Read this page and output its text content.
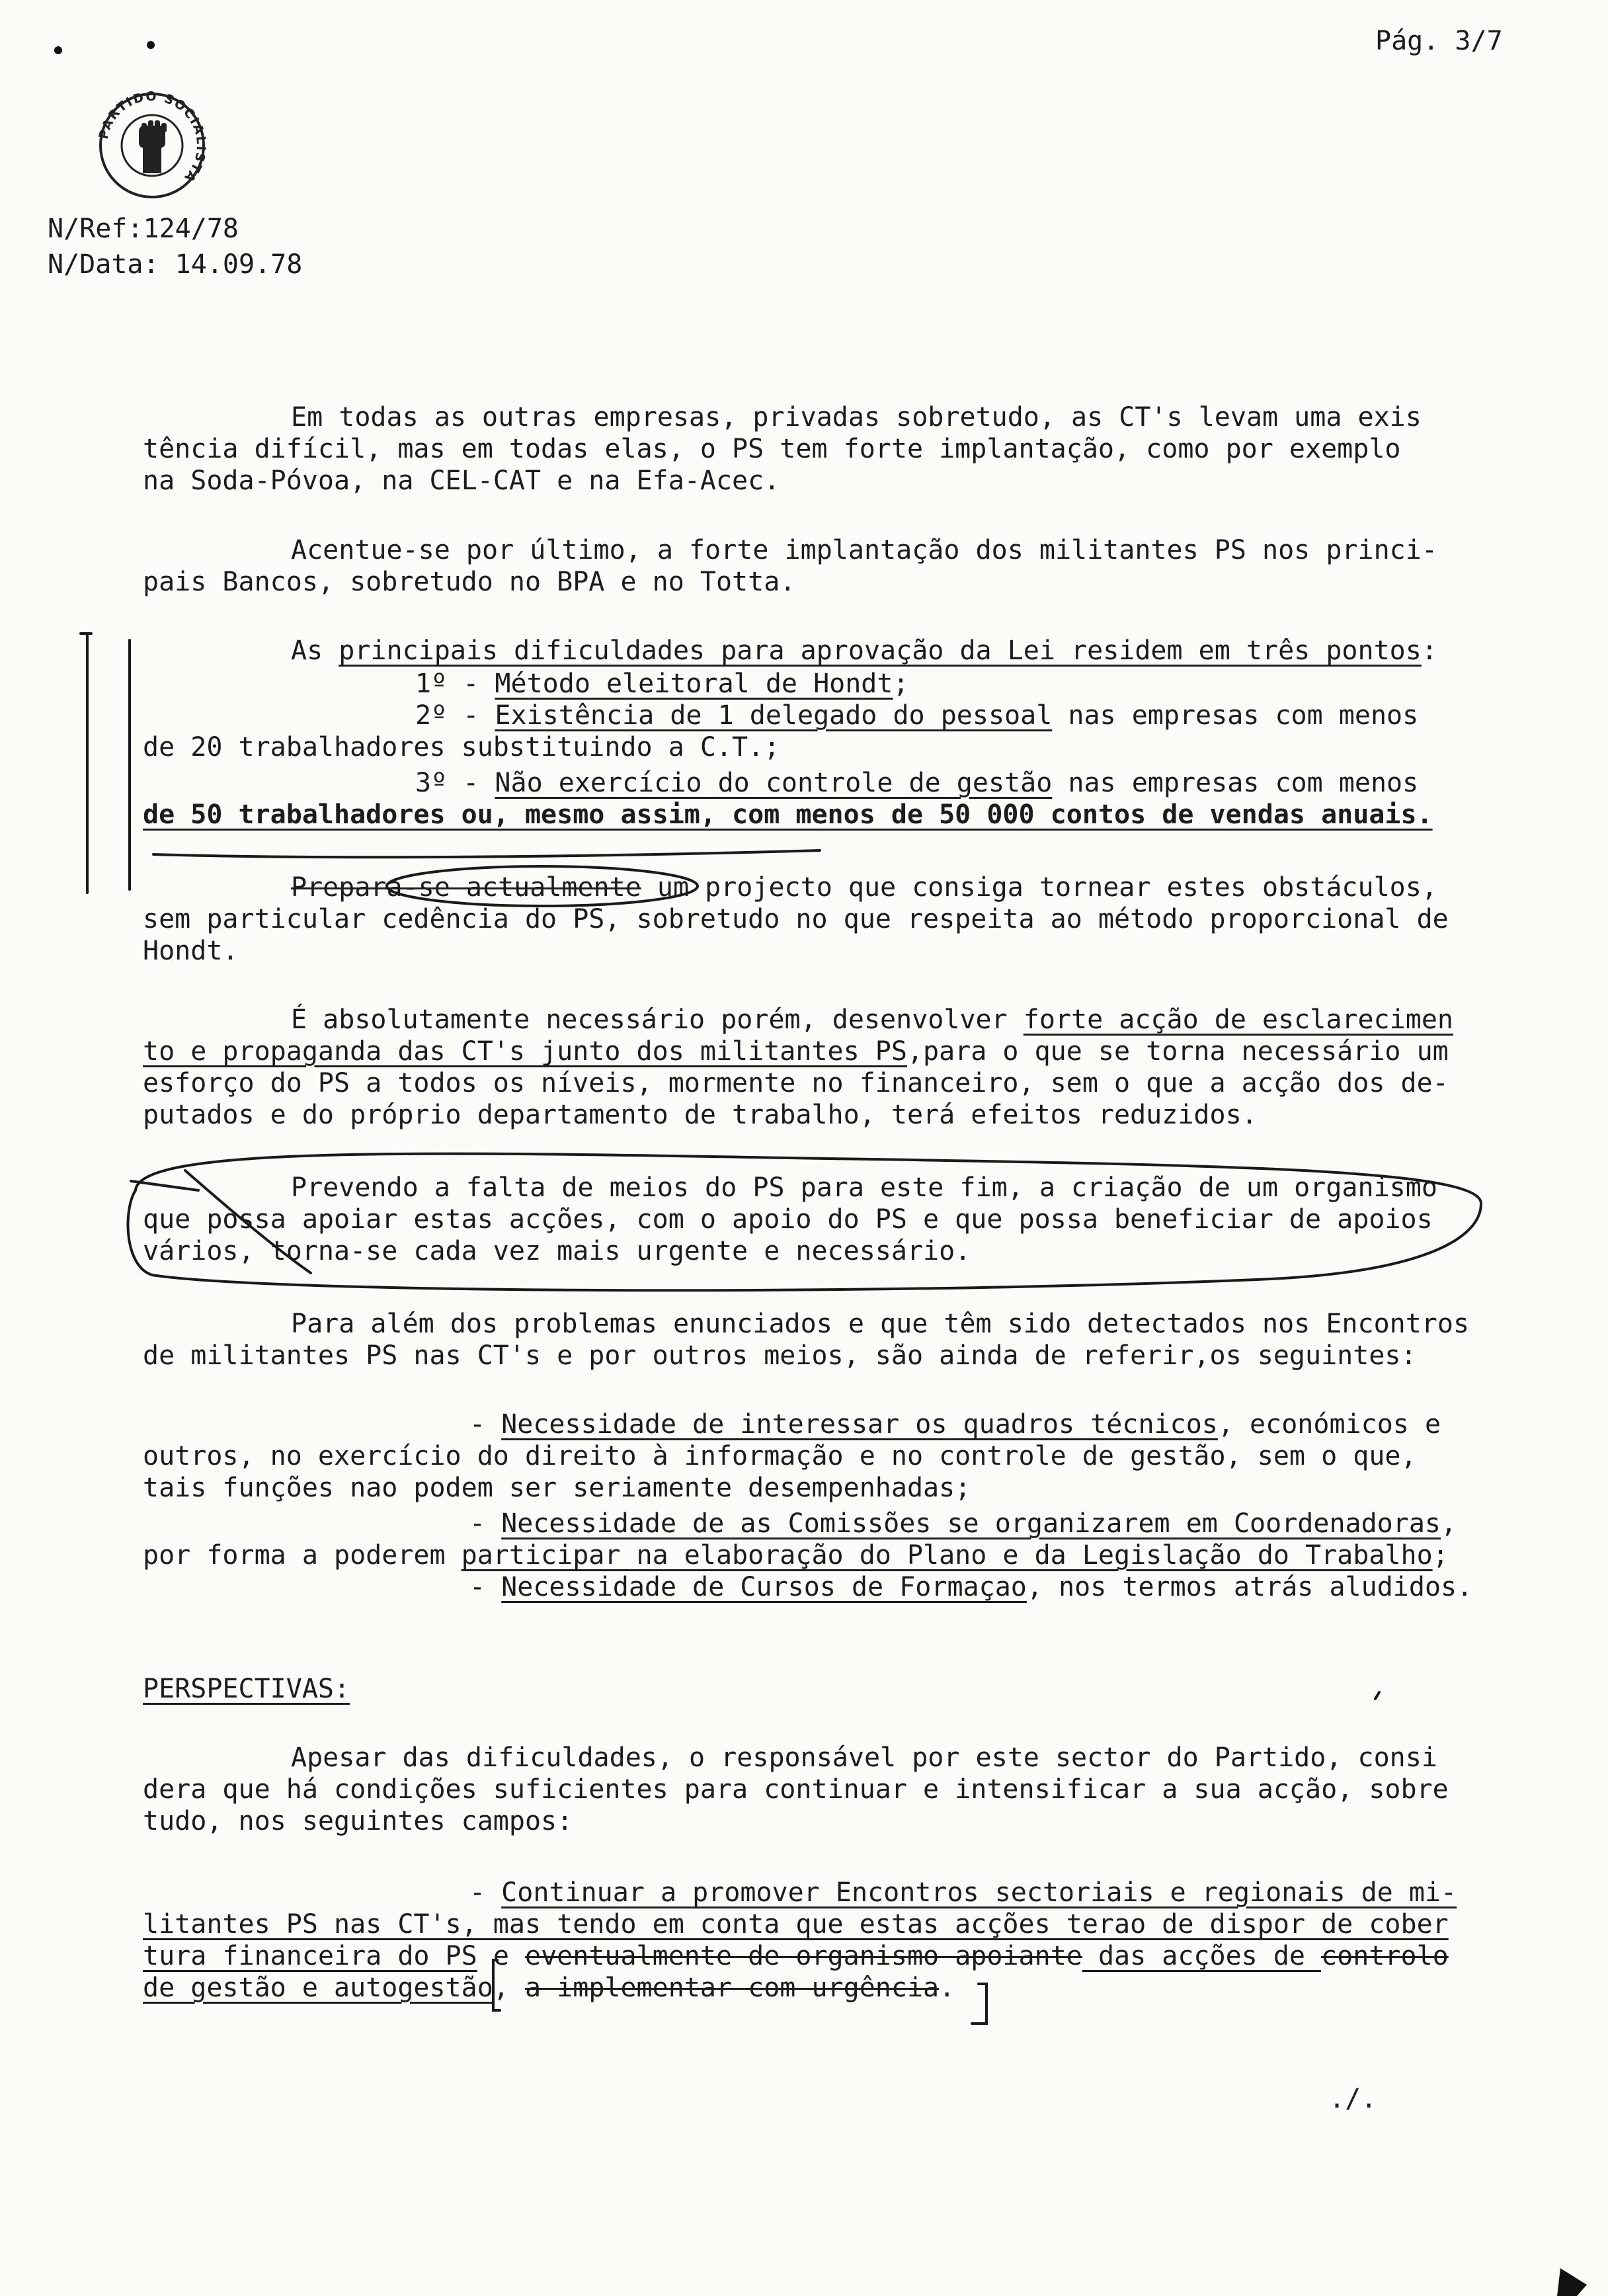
PARTIDO SOCIALISTA
Pág. 3/7
N/Ref:124/78
N/Data: 14.09.78

Em todas as outras empresas, privadas sobretudo, as CT's levam uma exis

tência difícil, mas em todas elas, o PS tem forte implantação, como por exemplo

na Soda-Póvoa, na CEL-CAT e na Efa-Acec.

Acentue-se por último, a forte implantação dos militantes PS nos princi-

pais Bancos, sobretudo no BPA e no Totta.

As principais dificuldades para aprovação da Lei residem em três pontos:

1º - Método eleitoral de Hondt;

2º - Existência de 1 delegado do pessoal nas empresas com menos

de 20 trabalhadores substituindo a C.T.;

3º - Não exercício do controle de gestão nas empresas com menos

de 50 trabalhadores ou, mesmo assim, com menos de 50 000 contos de vendas anuais.

Prepara-se actualmente um projecto que consiga tornear estes obstáculos,

sem particular cedência do PS, sobretudo no que respeita ao método proporcional de

Hondt.

É absolutamente necessário porém, desenvolver forte acção de esclarecimen

to e propaganda das CT's junto dos militantes PS,para o que se torna necessário um

esforço do PS a todos os níveis, mormente no financeiro, sem o que a acção dos de-

putados e do próprio departamento de trabalho, terá efeitos reduzidos.

Prevendo a falta de meios do PS para este fim, a criação de um organismo

que possa apoiar estas acções, com o apoio do PS e que possa beneficiar de apoios

vários, torna-se cada vez mais urgente e necessário.

Para além dos problemas enunciados e que têm sido detectados nos Encontros

de militantes PS nas CT's e por outros meios, são ainda de referir,os seguintes:

- Necessidade de interessar os quadros técnicos, económicos e

outros, no exercício do direito à informação e no controle de gestão, sem o que,

tais funções nao podem ser seriamente desempenhadas;

- Necessidade de as Comissões se organizarem em Coordenadoras,

por forma a poderem participar na elaboração do Plano e da Legislação do Trabalho;

- Necessidade de Cursos de Formaçao, nos termos atrás aludidos.

PERSPECTIVAS:

Apesar das dificuldades, o responsável por este sector do Partido, consi

dera que há condições suficientes para continuar e intensificar a sua acção, sobre

tudo, nos seguintes campos:

- Continuar a promover Encontros sectoriais e regionais de mi-

litantes PS nas CT's, mas tendo em conta que estas acções terao de dispor de cober

tura financeira do PS e eventualmente de organismo apoiante das acções de controlo

de gestão e autogestão, a implementar com urgência.

./.
